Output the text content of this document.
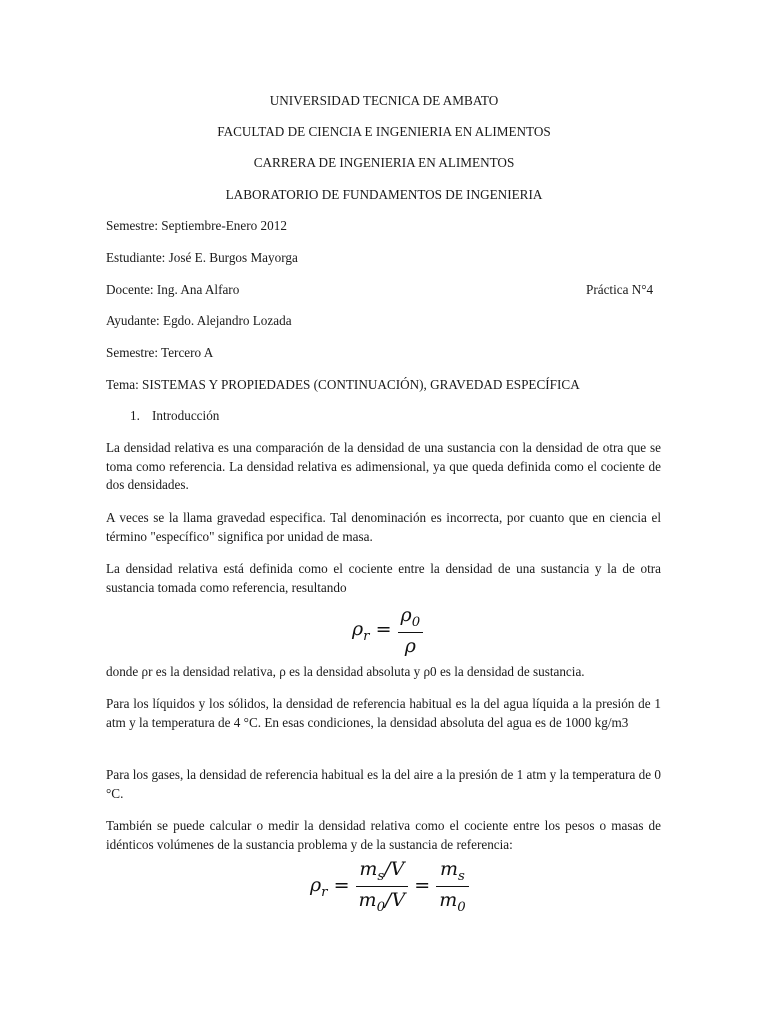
UNIVERSIDAD TECNICA DE AMBATO
FACULTAD DE CIENCIA E INGENIERIA EN ALIMENTOS
CARRERA DE INGENIERIA EN ALIMENTOS
LABORATORIO DE FUNDAMENTOS DE INGENIERIA
Semestre: Septiembre-Enero 2012
Estudiante: José E. Burgos Mayorga
Docente: Ing. Ana Alfaro	Práctica N°4
Ayudante: Egdo. Alejandro Lozada
Semestre: Tercero A
Tema: SISTEMAS Y PROPIEDADES (CONTINUACIÓN), GRAVEDAD ESPECÍFICA
1. Introducción
La densidad relativa es una comparación de la densidad de una sustancia con la densidad de otra que se toma como referencia. La densidad relativa es adimensional, ya que queda definida como el cociente de dos densidades.
A veces se la llama gravedad especifica. Tal denominación es incorrecta, por cuanto que en ciencia el término "específico" significa por unidad de masa.
La densidad relativa está definida como el cociente entre la densidad de una sustancia y la de otra sustancia tomada como referencia, resultando
$\rho_r = \frac{\rho_0}{\rho}$
donde ρr es la densidad relativa, ρ es la densidad absoluta y ρ0 es la densidad de sustancia.
Para los líquidos y los sólidos, la densidad de referencia habitual es la del agua líquida a la presión de 1 atm y la temperatura de 4 °C. En esas condiciones, la densidad absoluta del agua es de 1000 kg/m3
Para los gases, la densidad de referencia habitual es la del aire a la presión de 1 atm y la temperatura de 0 °C.
También se puede calcular o medir la densidad relativa como el cociente entre los pesos o masas de idénticos volúmenes de la sustancia problema y de la sustancia de referencia:
$\rho_r = \frac{m_s/V}{m_0/V} = \frac{m_s}{m_0}$
